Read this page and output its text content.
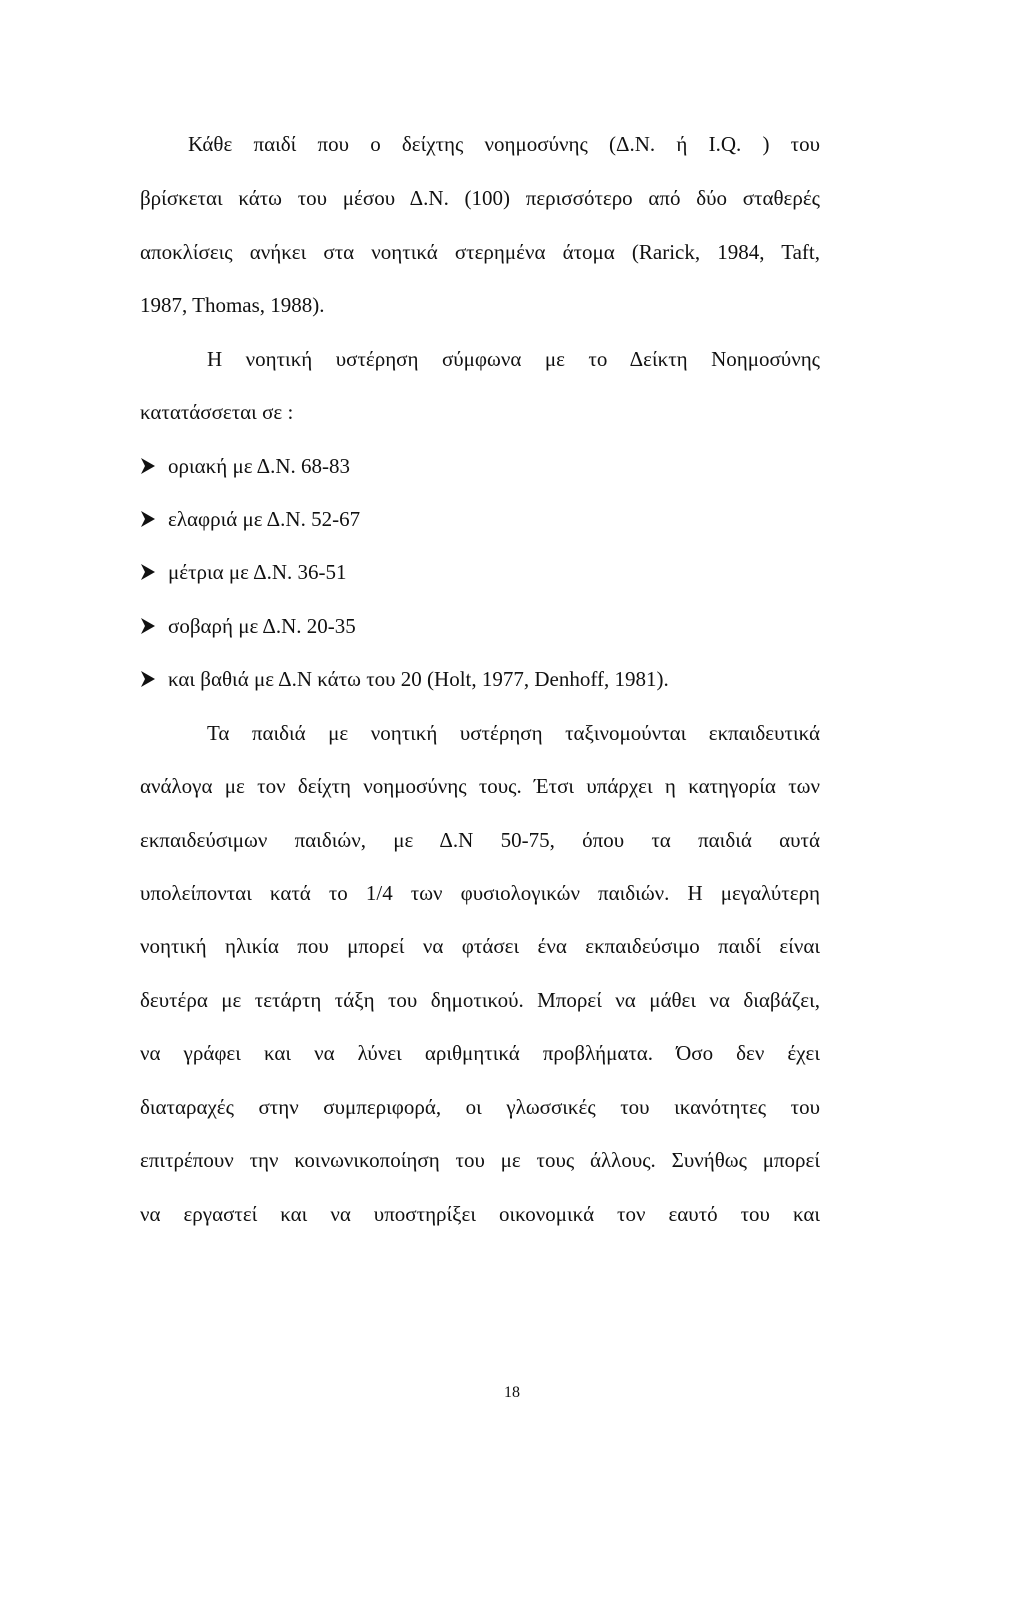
Κάθε παιδί που ο δείχτης νοημοσύνης (Δ.Ν. ή I.Q. ) του
βρίσκεται κάτω του μέσου Δ.Ν. (100) περισσότερο από δύο σταθερές
αποκλίσεις ανήκει στα νοητικά στερημένα άτομα (Rarick, 1984, Taft,
1987, Thomas, 1988).
Η νοητική υστέρηση σύμφωνα με το Δείκτη Νοημοσύνης
κατατάσσεται σε :
οριακή με Δ.Ν. 68-83
ελαφριά με Δ.Ν. 52-67
μέτρια με Δ.Ν. 36-51
σοβαρή με Δ.Ν. 20-35
και βαθιά με Δ.Ν κάτω του 20 (Holt, 1977, Denhoff, 1981).
Τα παιδιά με νοητική υστέρηση ταξινομούνται εκπαιδευτικά
ανάλογα με τον δείχτη νοημοσύνης τους. Έτσι υπάρχει η κατηγορία των
εκπαιδεύσιμων παιδιών, με Δ.Ν 50-75, όπου τα παιδιά αυτά
υπολείπονται κατά το 1/4 των φυσιολογικών παιδιών. Η μεγαλύτερη
νοητική ηλικία που μπορεί να φτάσει ένα εκπαιδεύσιμο παιδί είναι
δευτέρα με τετάρτη τάξη του δημοτικού. Μπορεί να μάθει να διαβάζει,
να γράφει και να λύνει αριθμητικά προβλήματα. Όσο δεν έχει
διαταραχές στην συμπεριφορά, οι γλωσσικές του ικανότητες του
επιτρέπουν την κοινωνικοποίηση του με τους άλλους. Συνήθως μπορεί
να εργαστεί και να υποστηρίξει οικονομικά τον εαυτό του και
18
